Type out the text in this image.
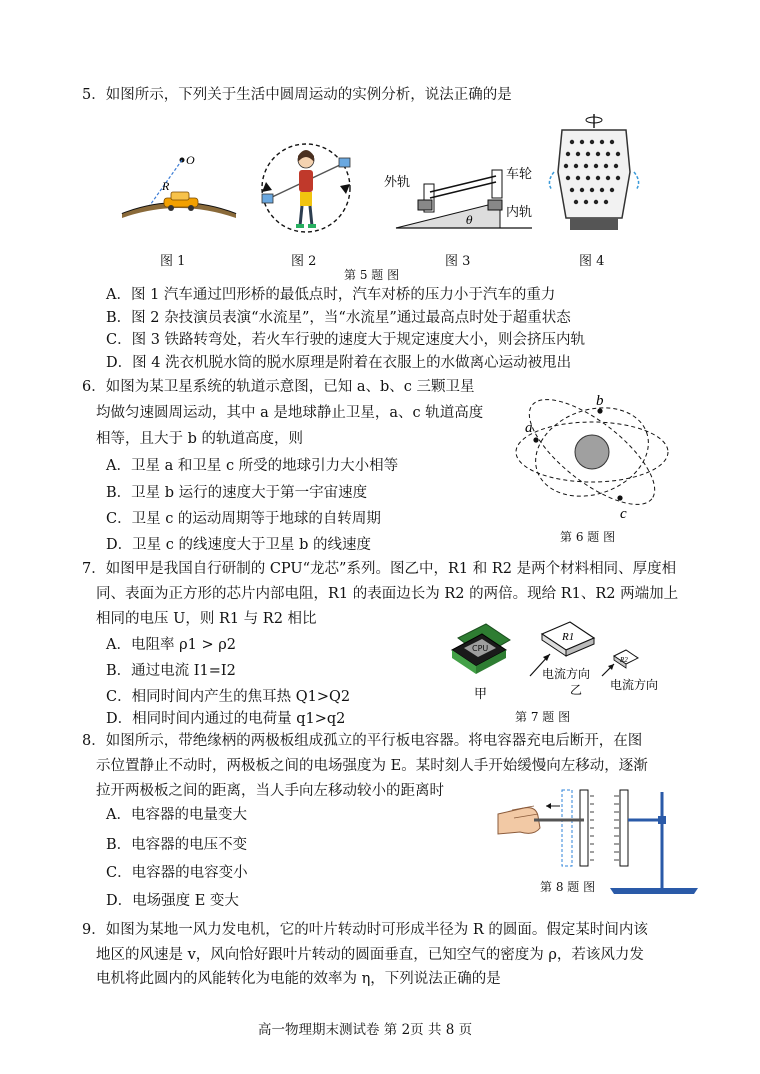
5．如图所示，下列关于生活中圆周运动的实例分析，说法正确的是
O
R
图 1	图 2
外轨
车轮
内轨
θ
图 3	图 4
第 5 题 图
A．图 1 汽车通过凹形桥的最低点时，汽车对桥的压力小于汽车的重力
B．图 2 杂技演员表演“水流星”，当“水流星”通过最高点时处于超重状态
C．图 3 铁路转弯处，若火车行驶的速度大于规定速度大小，则会挤压内轨
D．图 4 洗衣机脱水筒的脱水原理是附着在衣服上的水做离心运动被甩出
6．如图为某卫星系统的轨道示意图，已知 a、b、c 三颗卫星
均做匀速圆周运动，其中 a 是地球静止卫星，a、c 轨道高度
相等，且大于 b 的轨道高度，则
A．卫星 a 和卫星 c 所受的地球引力大小相等
B．卫星 b 运行的速度大于第一宇宙速度
C．卫星 c 的运动周期等于地球的自转周期
D．卫星 c 的线速度大于卫星 b 的线速度
a
b
c
第 6 题 图
7．如图甲是我国自行研制的 CPU“龙芯”系列。图乙中，R1 和 R2 是两个材料相同、厚度相
同、表面为正方形的芯片内部电阻，R1 的表面边长为 R2 的两倍。现给 R1、R2 两端加上
相同的电压 U，则 R1 与 R2 相比
A．电阻率 ρ1 > ρ2
B．通过电流 I1=I2
C．相同时间内产生的焦耳热 Q1>Q2
D．相同时间内通过的电荷量 q1>q2
CPU
甲
R1
电流方向
乙
R2
电流方向
第 7 题 图
8．如图所示，带绝缘柄的两极板组成孤立的平行板电容器。将电容器充电后断开，在图
示位置静止不动时，两极板之间的电场强度为 E。某时刻人手开始缓慢向左移动，逐渐
拉开两极板之间的距离，当人手向左移动较小的距离时
A．电容器的电量变大
B．电容器的电压不变
C．电容器的电容变小
D．电场强度 E 变大
第 8 题 图
9．如图为某地一风力发电机，它的叶片转动时可形成半径为 R 的圆面。假定某时间内该
地区的风速是 v，风向恰好跟叶片转动的圆面垂直，已知空气的密度为 ρ，若该风力发
电机将此圆内的风能转化为电能的效率为 η，下列说法正确的是
高一物理期末测试卷 第 2页 共 8 页
